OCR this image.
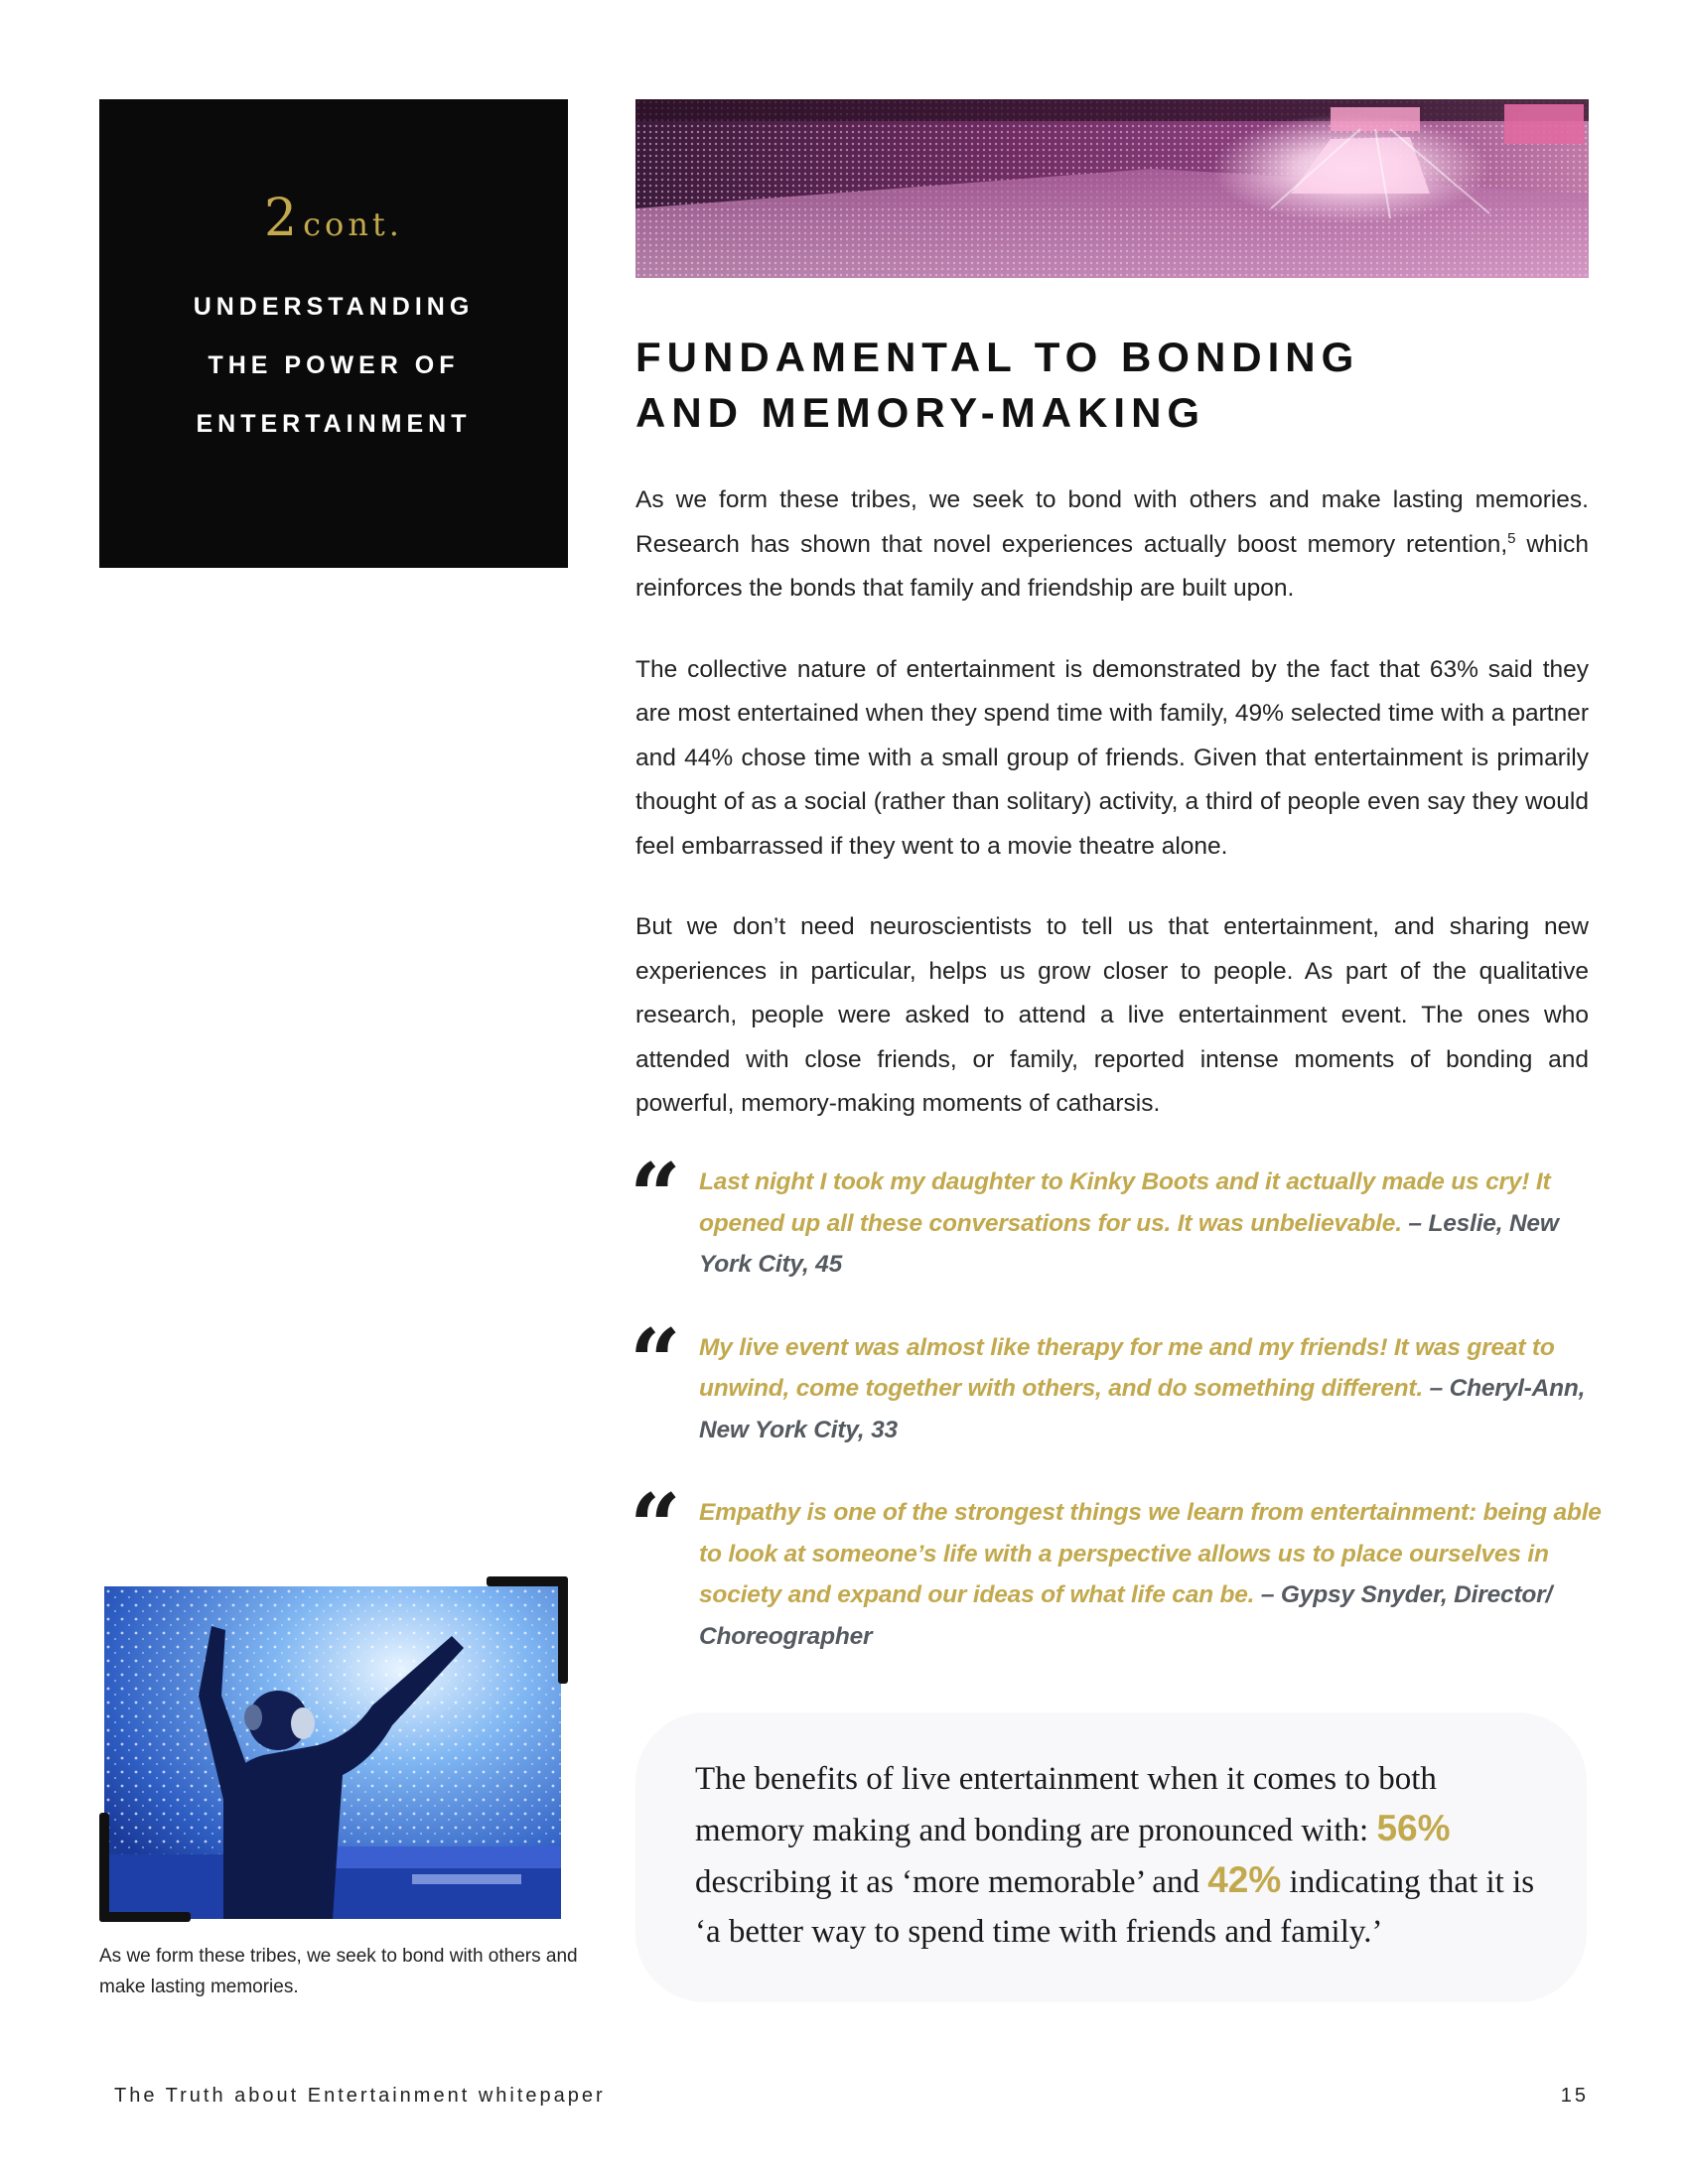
2 cont.
UNDERSTANDING
THE POWER OF
ENTERTAINMENT
FUNDAMENTAL TO BONDING
AND MEMORY-MAKING

As we form these tribes, we seek to bond with others and make lasting memories. Research has shown that novel experiences actually boost memory retention,$^5$ which reinforces the bonds that family and friendship are built upon.

The collective nature of entertainment is demonstrated by the fact that 63% said they are most entertained when they spend time with family, 49% selected time with a partner and 44% chose time with a small group of friends. Given that entertainment is primarily thought of as a social (rather than solitary) activity, a third of people even say they would feel embarrassed if they went to a movie theatre alone.

But we don’t need neuroscientists to tell us that entertainment, and sharing new experiences in particular, helps us grow closer to people. As part of the qualitative research, people were asked to attend a live entertainment event. The ones who attended with close friends, or family, reported intense moments of bonding and powerful, memory-making moments of catharsis.

“ Last night I took my daughter to Kinky Boots and it actually made us cry! It opened up all these conversations for us. It was unbelievable. – Leslie, New York City, 45
“ My live event was almost like therapy for me and my friends! It was great to unwind, come together with others, and do something different. – Cheryl-Ann, New York City, 33
“ Empathy is one of the strongest things we learn from entertainment: being able to look at someone’s life with a perspective allows us to place ourselves in society and expand our ideas of what life can be. – Gypsy Snyder, Director/ Choreographer
As we form these tribes, we seek to bond with others and make lasting memories.
The benefits of live entertainment when it comes to both memory making and bonding are pronounced with: 56% describing it as ‘more memorable’ and 42% indicating that it is ‘a better way to spend time with friends and family.’
The Truth about Entertainment whitepaper	15
